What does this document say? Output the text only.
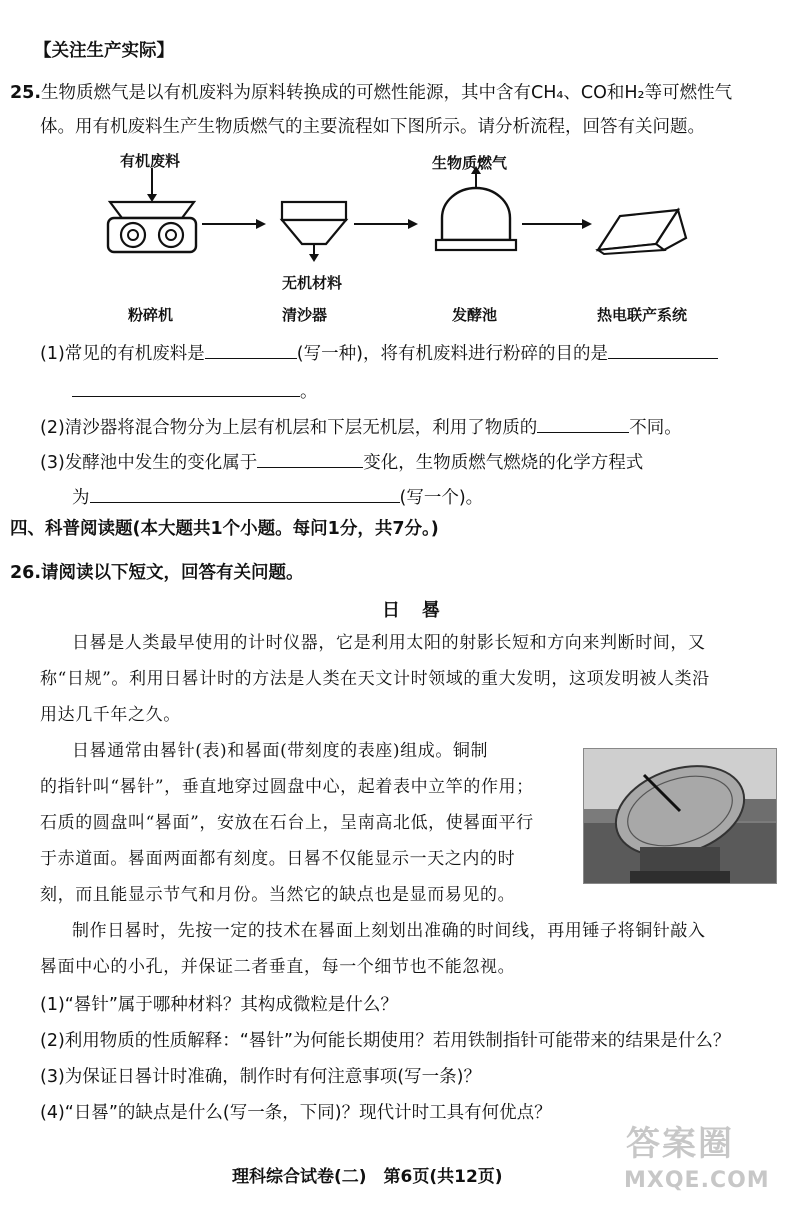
【关注生产实际】
25.生物质燃气是以有机废料为原料转换成的可燃性能源，其中含有CH₄、CO和H₂等可燃性气
体。用有机废料生产生物质燃气的主要流程如下图所示。请分析流程，回答有关问题。
有机废料	生物质燃气
无机材料
粉碎机	清沙器	发酵池	热电联产系统
(1)常见的有机废料是	(写一种)，将有机废料进行粉碎的目的是
。
(2)清沙器将混合物分为上层有机层和下层无机层，利用了物质的	不同。
(3)发酵池中发生的变化属于	变化，生物质燃气燃烧的化学方程式
为	(写一个)。
四、科普阅读题(本大题共1个小题。每问1分，共7分。)
26.请阅读以下短文，回答有关问题。
日晷
日晷是人类最早使用的计时仪器，它是利用太阳的射影长短和方向来判断时间，又
称“日规”。利用日晷计时的方法是人类在天文计时领域的重大发明，这项发明被人类沿
用达几千年之久。
日晷通常由晷针(表)和晷面(带刻度的表座)组成。铜制
的指针叫“晷针”，垂直地穿过圆盘中心，起着表中立竿的作用；
石质的圆盘叫“晷面”，安放在石台上，呈南高北低，使晷面平行
于赤道面。晷面两面都有刻度。日晷不仅能显示一天之内的时
刻，而且能显示节气和月份。当然它的缺点也是显而易见的。
制作日晷时，先按一定的技术在晷面上刻划出准确的时间线，再用锤子将铜针敲入
晷面中心的小孔，并保证二者垂直，每一个细节也不能忽视。
(1)“晷针”属于哪种材料？其构成微粒是什么？
(2)利用物质的性质解释：“晷针”为何能长期使用？若用铁制指针可能带来的结果是什么？
(3)为保证日晷计时准确，制作时有何注意事项(写一条)？
(4)“日晷”的缺点是什么(写一条，下同)？现代计时工具有何优点？
理科综合试卷(二)　第6页(共12页)
答案圈
MXQE.COM
